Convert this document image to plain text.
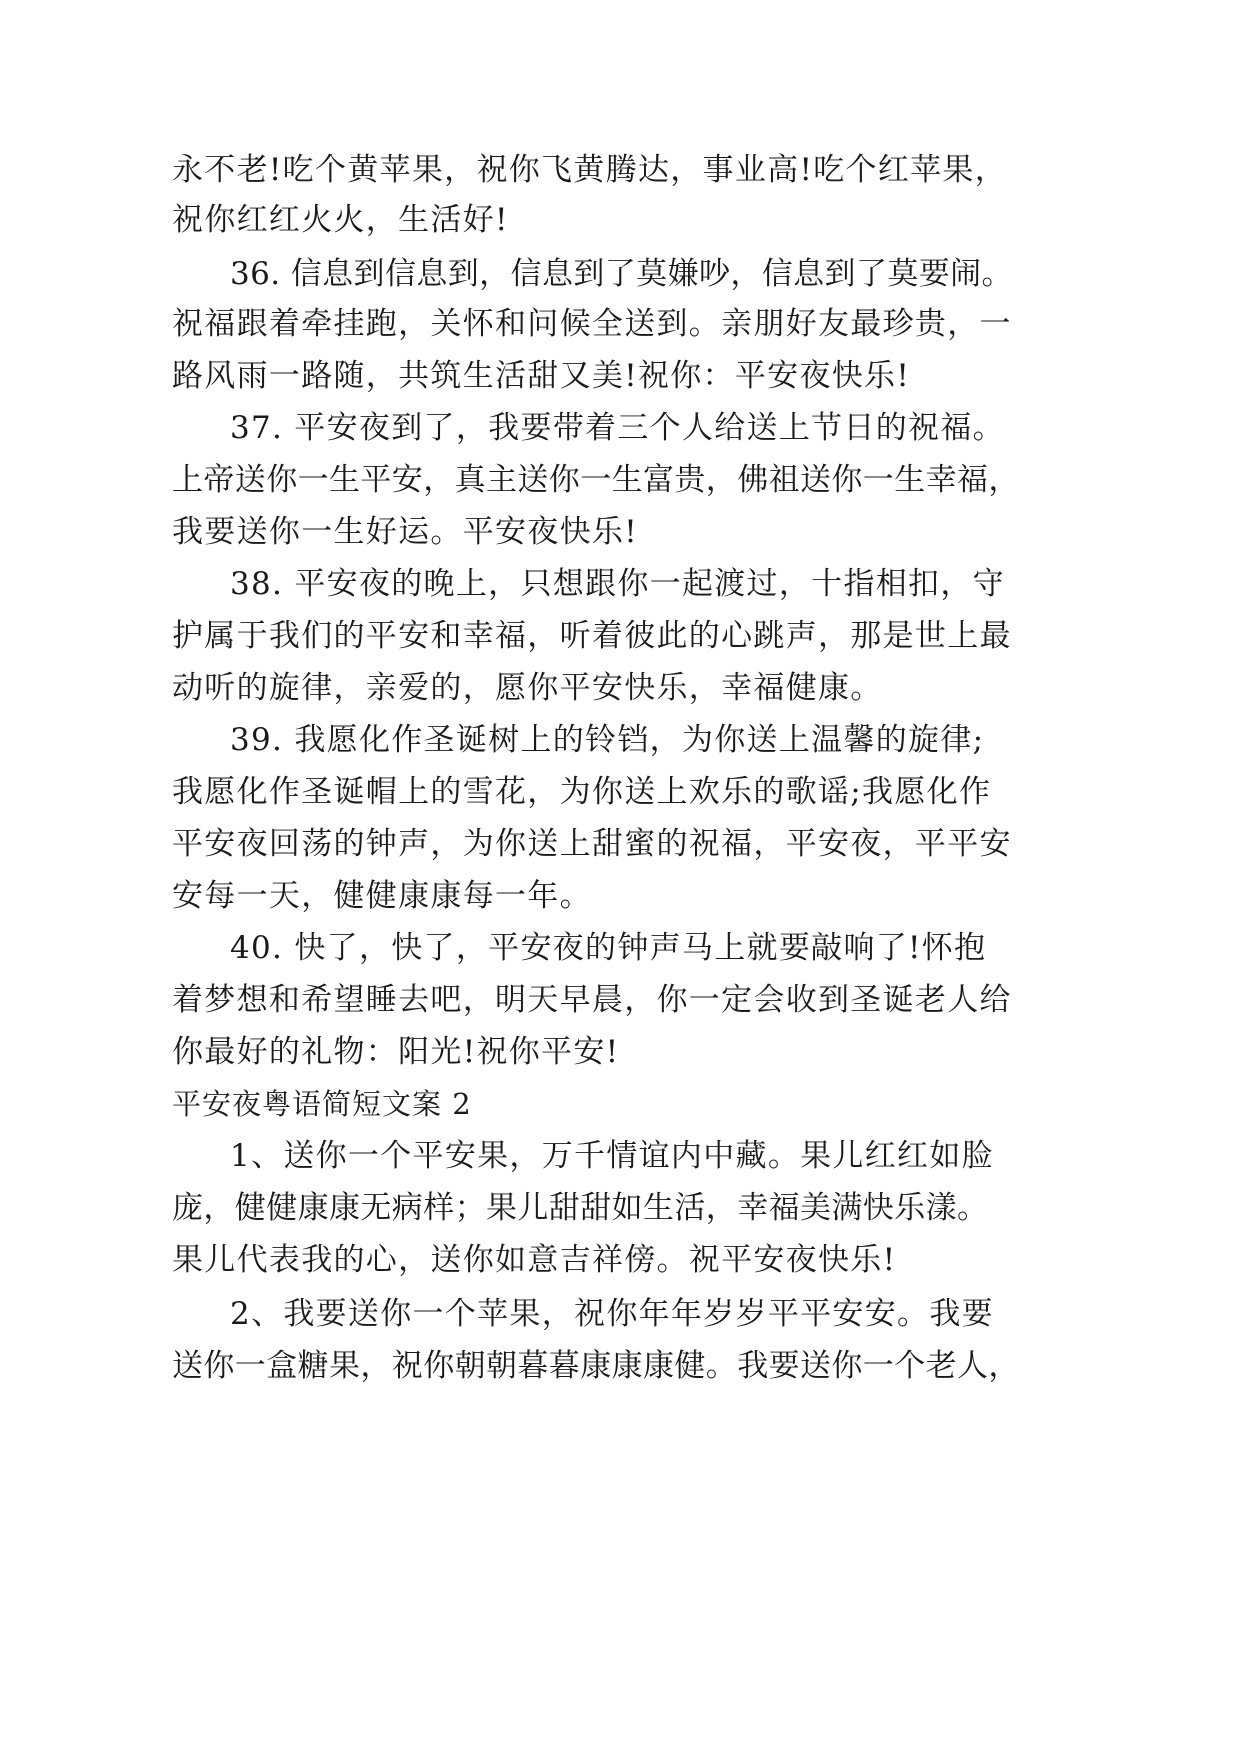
永不老!吃个黄苹果，祝你飞黄腾达，事业高!吃个红苹果，
祝你红红火火，生活好!
36. 信息到信息到，信息到了莫嫌吵，信息到了莫要闹。
祝福跟着牵挂跑，关怀和问候全送到。亲朋好友最珍贵，一
路风雨一路随，共筑生活甜又美!祝你：平安夜快乐!
37. 平安夜到了，我要带着三个人给送上节日的祝福。
上帝送你一生平安，真主送你一生富贵，佛祖送你一生幸福，
我要送你一生好运。平安夜快乐!
38. 平安夜的晚上，只想跟你一起渡过，十指相扣，守
护属于我们的平安和幸福，听着彼此的心跳声，那是世上最
动听的旋律，亲爱的，愿你平安快乐，幸福健康。
39. 我愿化作圣诞树上的铃铛，为你送上温馨的旋律;
我愿化作圣诞帽上的雪花，为你送上欢乐的歌谣;我愿化作
平安夜回荡的钟声，为你送上甜蜜的祝福，平安夜，平平安
安每一天，健健康康每一年。
40. 快了，快了，平安夜的钟声马上就要敲响了!怀抱
着梦想和希望睡去吧，明天早晨，你一定会收到圣诞老人给
你最好的礼物：阳光!祝你平安!
平安夜粤语简短文案 2
1、送你一个平安果，万千情谊内中藏。果儿红红如脸
庞，健健康康无病样；果儿甜甜如生活，幸福美满快乐漾。
果儿代表我的心，送你如意吉祥傍。祝平安夜快乐!
2、我要送你一个苹果，祝你年年岁岁平平安安。我要
送你一盒糖果，祝你朝朝暮暮康康康健。我要送你一个老人，
